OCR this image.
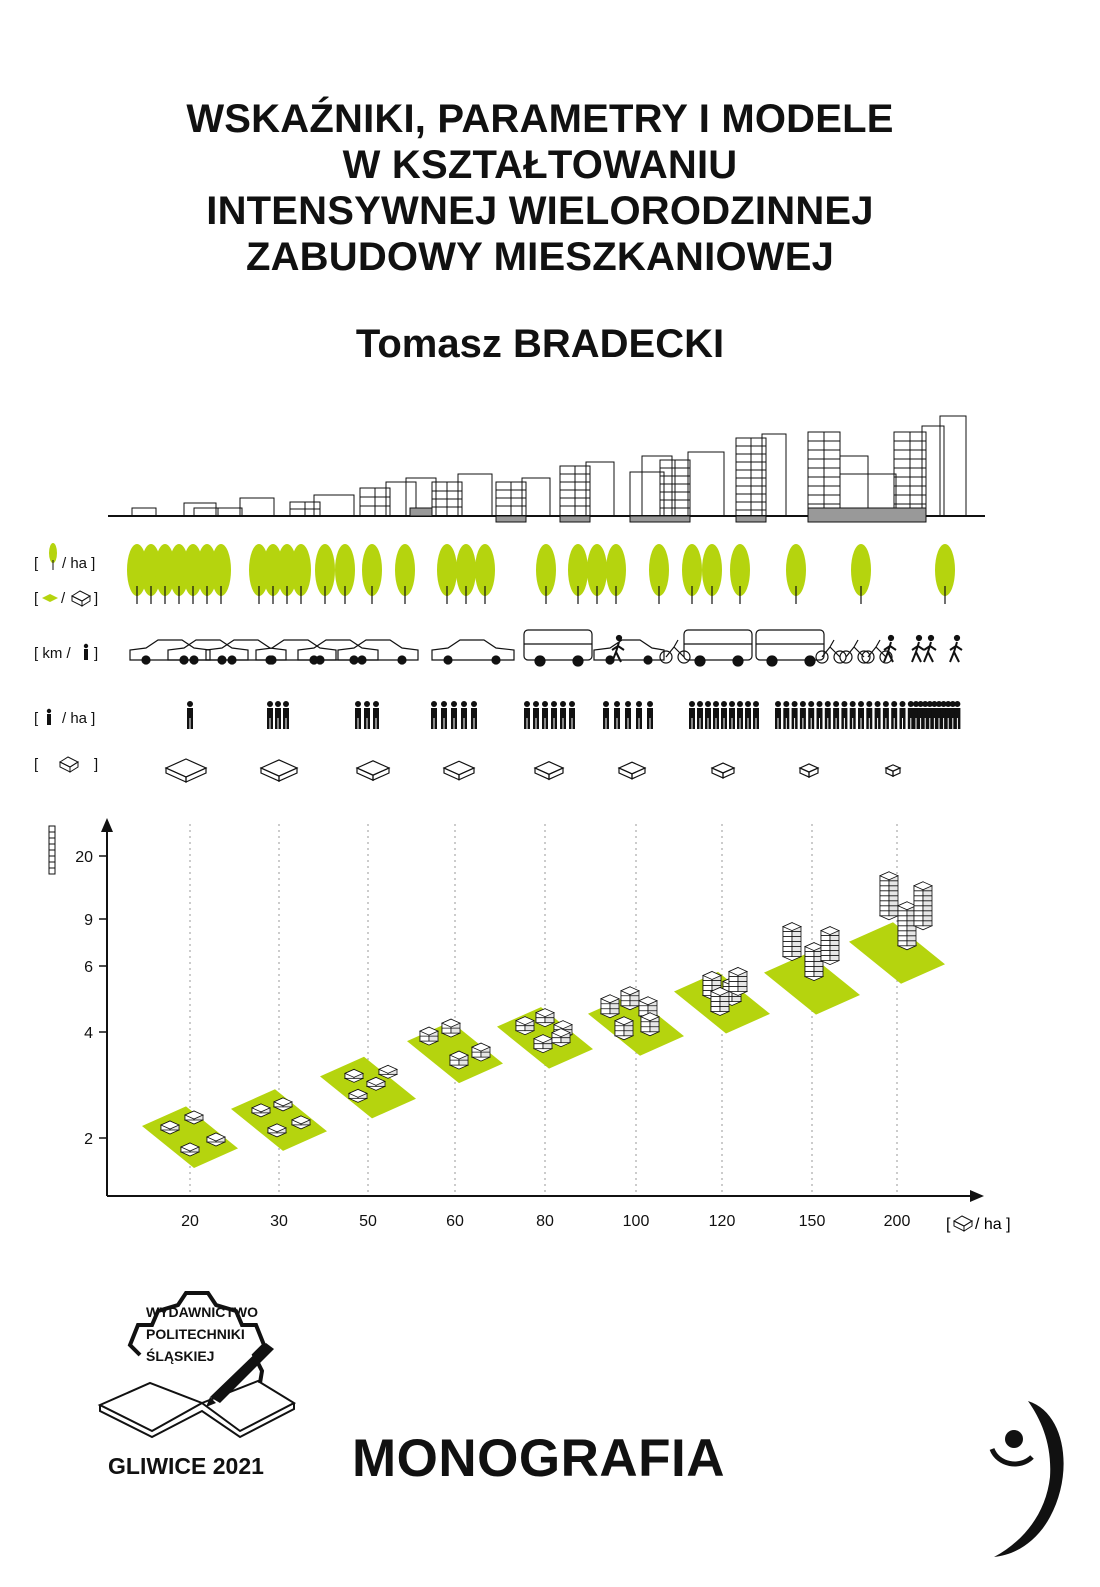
WSKAŹNIKI, PARAMETRY I MODELE
W KSZTAŁTOWANIU
INTENSYWNEJ WIELORODZINNEJ
ZABUDOWY MIESZKANIOWEJ
Tomasz BRADECKI
[ / ha ]
[ / ]
[ km / ]
[ / ha ]
[	]
2
4
6
9
20
20	30	50	60	80	100	120	150	200 [ / ha ]
WYDAWNICTWO
POLITECHNIKI
ŚLĄSKIEJ
GLIWICE 2021 MONOGRAFIA
